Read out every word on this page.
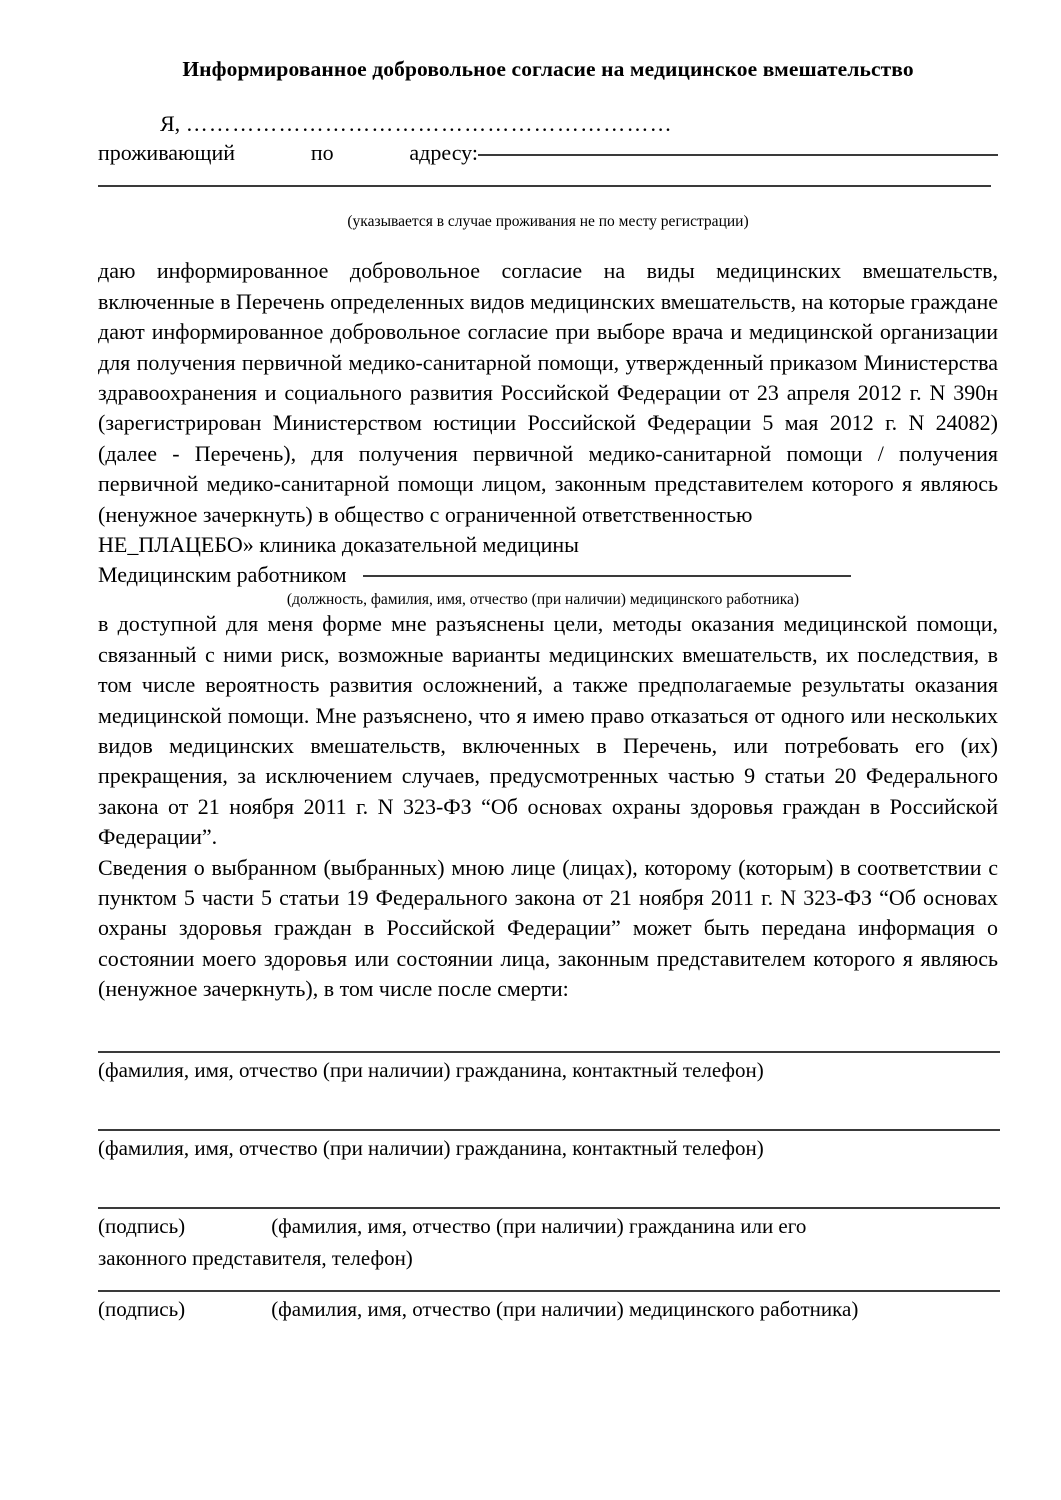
Информированное добровольное согласие на медицинское вмешательство
Я,
………………………………………………………
проживающий	по	адресу:
(указывается в случае проживания не по месту регистрации)

даю информированное добровольное согласие на виды медицинских вмешательств, включенные в Перечень определенных видов медицинских вмешательств, на которые граждане дают информированное добровольное согласие при выборе врача и медицинской организации для получения первичной медико-санитарной помощи, утвержденный приказом Министерства здравоохранения и социального развития Российской Федерации от 23 апреля 2012 г. N 390н (зарегистрирован Министерством юстиции Российской Федерации 5 мая 2012 г. N 24082) (далее - Перечень), для получения первичной медико-санитарной помощи / получения первичной медико-санитарной помощи лицом, законным представителем которого я являюсь (ненужное зачеркнуть) в общество с ограниченной ответственностью

НЕ_ПЛАЦЕБО» клиника доказательной медицины
Медицинским работником
(должность, фамилия, имя, отчество (при наличии) медицинского работника)

в доступной для меня форме мне разъяснены цели, методы оказания медицинской помощи, связанный с ними риск, возможные варианты медицинских вмешательств, их последствия, в том числе вероятность развития осложнений, а также предполагаемые результаты оказания медицинской помощи. Мне разъяснено, что я имею право отказаться от одного или нескольких видов медицинских вмешательств, включенных в Перечень, или потребовать его (их) прекращения, за исключением случаев, предусмотренных частью 9 статьи 20 Федерального закона от 21 ноября 2011 г. N 323-ФЗ “Об основах охраны здоровья граждан в Российской Федерации”.

Сведения о выбранном (выбранных) мною лице (лицах), которому (которым) в соответствии с пунктом 5 части 5 статьи 19 Федерального закона от 21 ноября 2011 г. N 323-ФЗ “Об основах охраны здоровья граждан в Российской Федерации” может быть передана информация о состоянии моего здоровья или состоянии лица, законным представителем которого я являюсь (ненужное зачеркнуть), в том числе после смерти:

(фамилия, имя, отчество (при наличии) гражданина, контактный телефон)
(фамилия, имя, отчество (при наличии) гражданина, контактный телефон)
(подпись)	(фамилия, имя, отчество (при наличии) гражданина или его
законного представителя, телефон)
(подпись)	(фамилия, имя, отчество (при наличии) медицинского работника)
